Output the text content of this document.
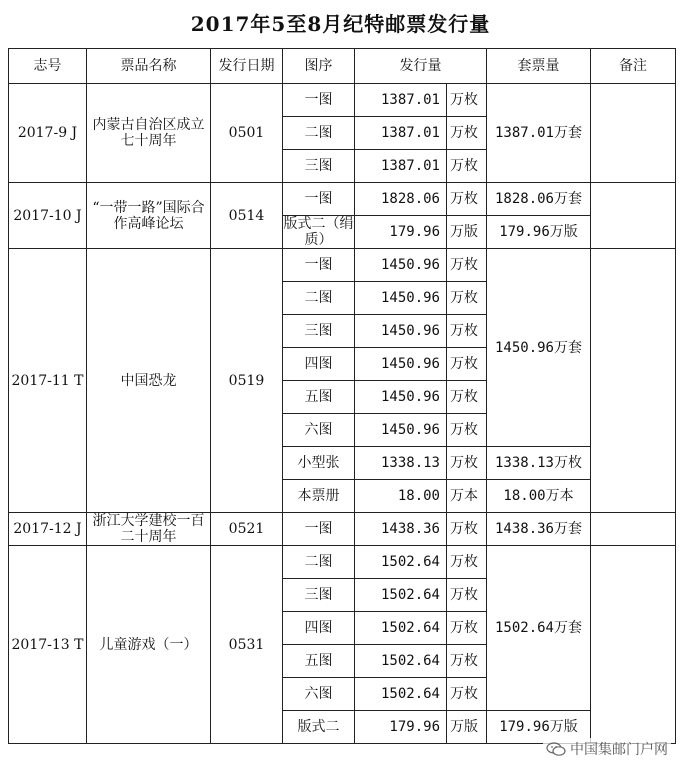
2017年5至8月纪特邮票发行量
志号	票品名称	发行日期	图序	发行量		套票量	备注
2017-9 J	内蒙古自治区成立七十周年	0501	一图	1387.01	万枚	1387.01万套	
			二图	1387.01	万枚		
			三图	1387.01	万枚		
2017-10 J	“一带一路”国际合作高峰论坛	0514	一图	1828.06	万枚	1828.06万套	
			版式二（绢质）	179.96	万版	179.96万版	
2017-11 T	中国恐龙	0519	一图	1450.96	万枚	1450.96万套	
			二图	1450.96	万枚		
			三图	1450.96	万枚		
			四图	1450.96	万枚		
			五图	1450.96	万枚		
			六图	1450.96	万枚		
			小型张	1338.13	万枚	1338.13万枚	
			本票册	18.00	万本	18.00万本	
2017-12 J	浙江大学建校一百二十周年	0521	一图	1438.36	万枚	1438.36万套	
2017-13 T	儿童游戏（一）	0531	二图	1502.64	万枚	1502.64万套	
			三图	1502.64	万枚		
			四图	1502.64	万枚		
			五图	1502.64	万枚		
			六图	1502.64	万枚		
			版式二	179.96	万版	179.96万版	
中国集邮门户网
